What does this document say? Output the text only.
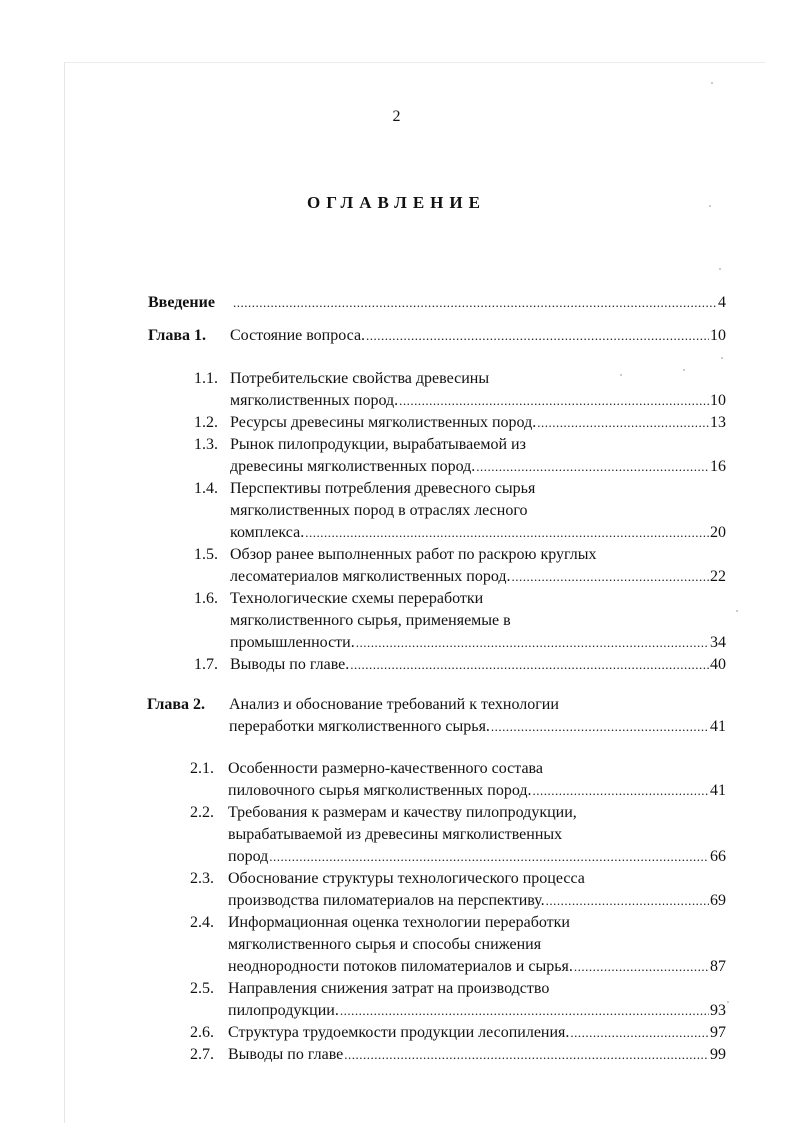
2
ОГЛАВЛЕНИЕ
Введение .....	4
Глава 1. Состояние вопроса. .....	10
1.1. Потребительские свойства древесины
мягколиственных пород. .....	10
1.2. Ресурсы древесины мягколиственных пород. .....	13
1.3. Рынок пилопродукции, вырабатываемой из
древесины мягколиственных пород. .....	16
1.4. Перспективы потребления древесного сырья
мягколиственных пород в отраслях лесного
комплекса. .....	20
1.5. Обзор ранее выполненных работ по раскрою круглых
лесоматериалов мягколиственных пород. .....	22
1.6. Технологические схемы переработки
мягколиственного сырья, применяемые в
промышленности. .....	34
1.7. Выводы по главе. .....	40
Глава 2. Анализ и обоснование требований к технологии
переработки мягколиственного сырья. .....	41
2.1. Особенности размерно-качественного состава
пиловочного сырья мягколиственных пород. .....	41
2.2. Требования к размерам и качеству пилопродукции,
вырабатываемой из древесины мягколиственных
пород .....	66
2.3. Обоснование структуры технологического процесса
производства пиломатериалов на перспективу. .....	69
2.4. Информационная оценка технологии переработки
мягколиственного сырья и способы снижения
неоднородности потоков пиломатериалов и сырья. .....	87
2.5. Направления снижения затрат на производство
пилопродукции. .....	93
2.6. Структура трудоемкости продукции лесопиления. .....	97
2.7. Выводы по главе .....	99
